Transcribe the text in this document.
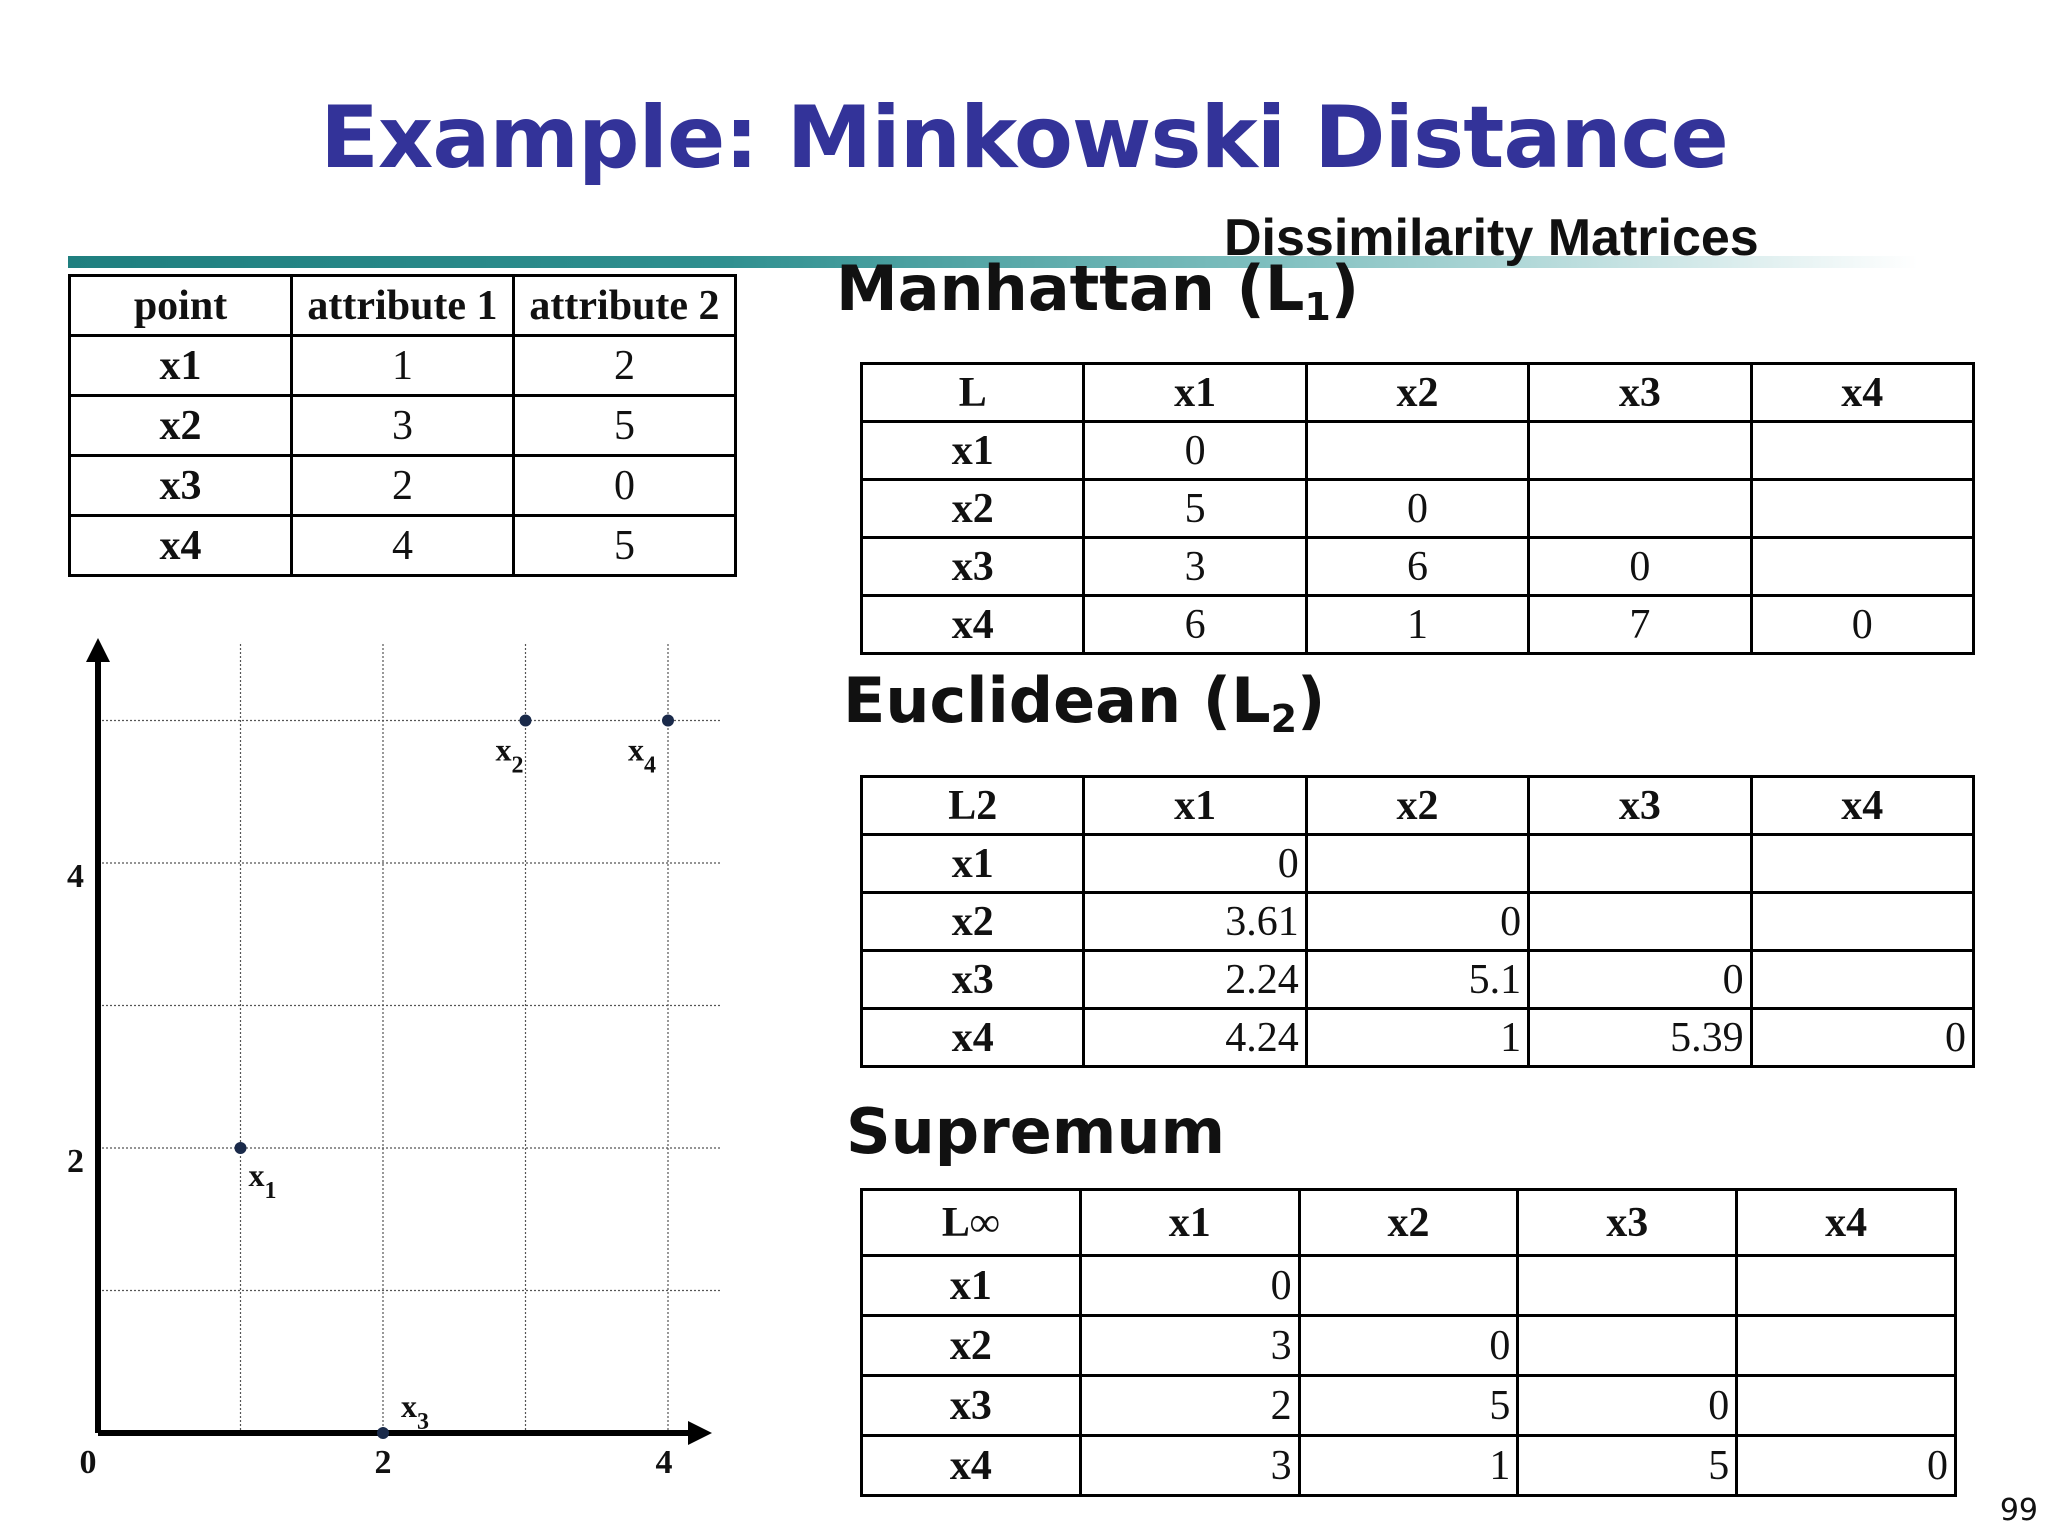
Example: Minkowski Distance
Dissimilarity Matrices
point	attribute 1	attribute 2
x1	1	2
x2	3	5
x3	2	0
x4	4	5
Manhattan $(L_1)$
L	x1	x2	x3	x4
x1	0			
x2	5	0		
x3	3	6	0	
x4	6	1	7	0
Euclidean $(L_2)$
L2	x1	x2	x3	x4
x1	0			
x2	3.61	0		
x3	2.24	5.1	0	
x4	4.24	1	5.39	0
Supremum
L∞	x1	x2	x3	x4
x1	0			
x2	3	0		
x3	2	5	0	
x4	3	1	5	0
0	2	4
2
4
$x_1$
$x_2$
$x_3$
$x_4$
99
